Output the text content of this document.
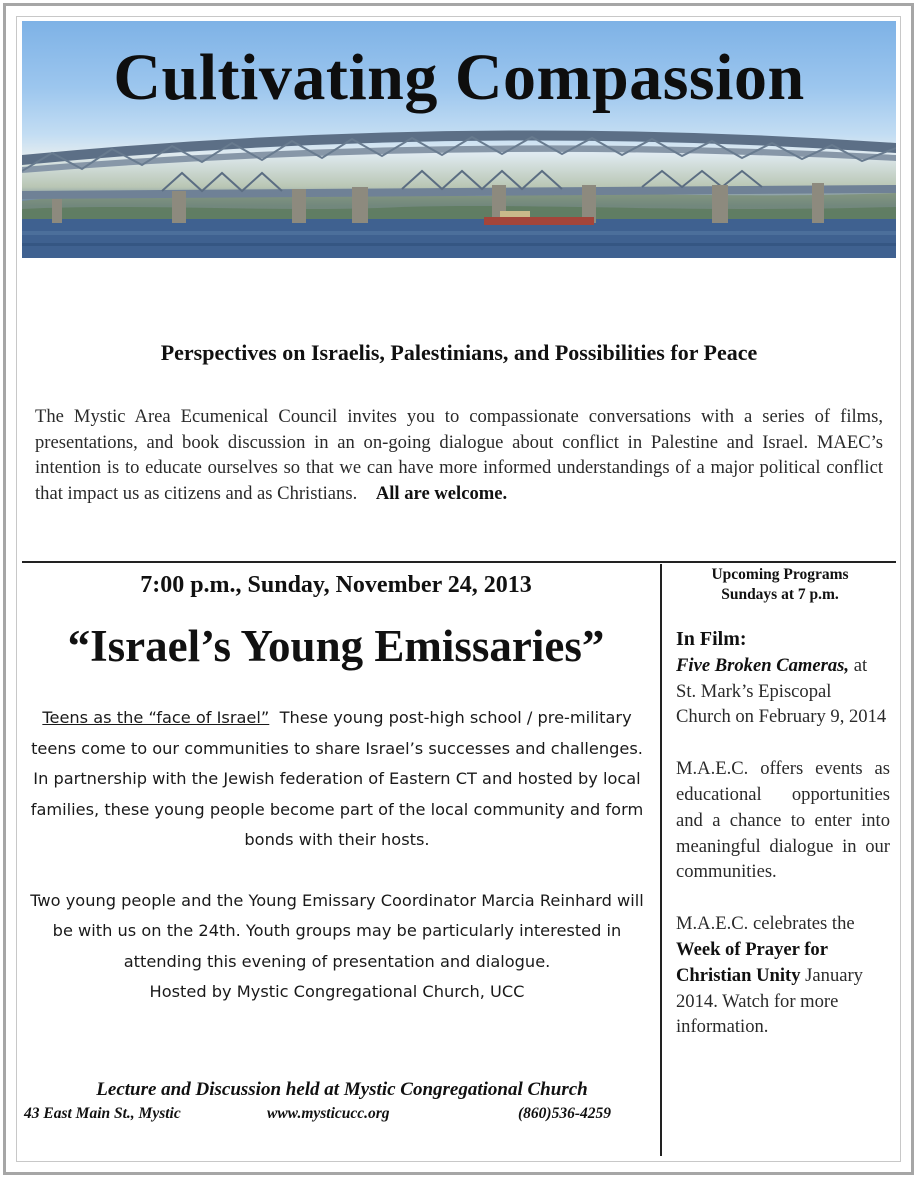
Cultivating Compassion
Perspectives on Israelis, Palestinians, and Possibilities for Peace
The Mystic Area Ecumenical Council invites you to compassionate conversations with a series of films, presentations, and book discussion in an on-going dialogue about conflict in Palestine and Israel. MAEC’s intention is to educate ourselves so that we can have more informed understandings of a major political conflict that impact us as citizens and as Christians. All are welcome.
7:00 p.m., Sunday, November 24, 2013
“Israel’s Young Emissaries”

Teens as the “face of Israel” These young post-high school / pre-military teens come to our communities to share Israel’s successes and challenges. In partnership with the Jewish federation of Eastern CT and hosted by local families, these young people become part of the local community and form bonds with their hosts.

Two young people and the Young Emissary Coordinator Marcia Reinhard will be with us on the 24th. Youth groups may be particularly interested in attending this evening of presentation and dialogue.

Hosted by Mystic Congregational Church, UCC

Lecture and Discussion held at Mystic Congregational Church
43 East Main St., Mystic	www.mysticucc.org	(860)536-4259
Upcoming Programs
Sundays at 7 p.m.

In Film:

Five Broken Cameras, at St. Mark’s Episcopal Church on February 9, 2014

M.A.E.C. offers events as educational opportunities and a chance to enter into meaningful dialogue in our communities.

M.A.E.C. celebrates the Week of Prayer for Christian Unity January 2014. Watch for more information.
